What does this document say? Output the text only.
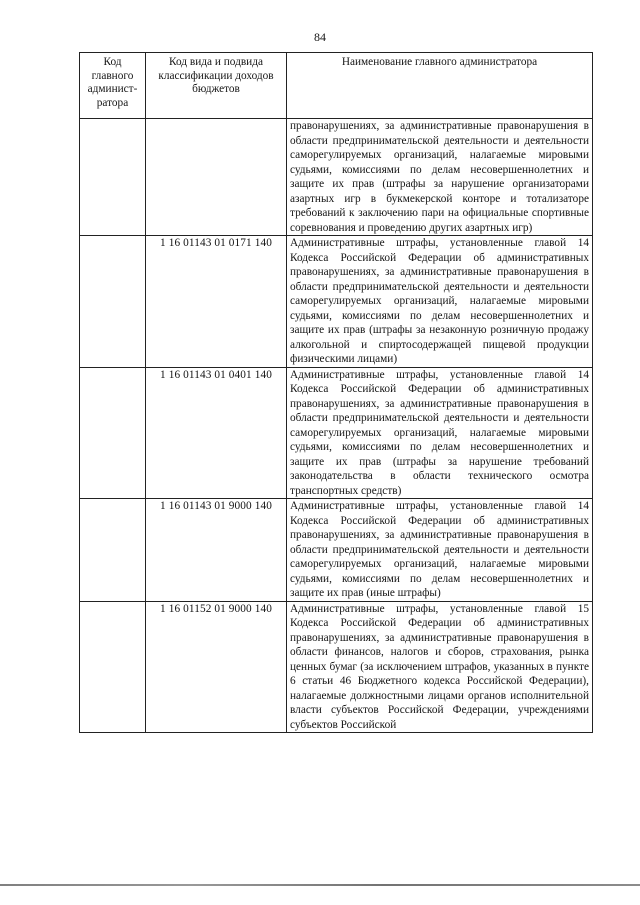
84
Код главного админист-ратора	Код вида и подвида классификации доходов бюджетов	Наименование главного администратора
		правонарушениях, за административные правонарушения в области предпринимательской деятельности и деятельности саморегулируемых организаций, налагаемые мировыми судьями, комиссиями по делам несовершеннолетних и защите их прав (штрафы за нарушение организаторами азартных игр в букмекерской конторе и тотализаторе требований к заключению пари на официальные спортивные соревнования и проведению других азартных игр)
	1 16 01143 01 0171 140	Административные штрафы, установленные главой 14 Кодекса Российской Федерации об административных правонарушениях, за административные правонарушения в области предпринимательской деятельности и деятельности саморегулируемых организаций, налагаемые мировыми судьями, комиссиями по делам несовершеннолетних и защите их прав (штрафы за незаконную розничную продажу алкогольной и спиртосодержащей пищевой продукции физическими лицами)
	1 16 01143 01 0401 140	Административные штрафы, установленные главой 14 Кодекса Российской Федерации об административных правонарушениях, за административные правонарушения в области предпринимательской деятельности и деятельности саморегулируемых организаций, налагаемые мировыми судьями, комиссиями по делам несовершеннолетних и защите их прав (штрафы за нарушение требований законодательства в области технического осмотра транспортных средств)
	1 16 01143 01 9000 140	Административные штрафы, установленные главой 14 Кодекса Российской Федерации об административных правонарушениях, за административные правонарушения в области предпринимательской деятельности и деятельности саморегулируемых организаций, налагаемые мировыми судьями, комиссиями по делам несовершеннолетних и защите их прав (иные штрафы)
	1 16 01152 01 9000 140	Административные штрафы, установленные главой 15 Кодекса Российской Федерации об административных правонарушениях, за административные правонарушения в области финансов, налогов и сборов, страхования, рынка ценных бумаг (за исключением штрафов, указанных в пункте 6 статьи 46 Бюджетного кодекса Российской Федерации), налагаемые должностными лицами органов исполнительной власти субъектов Российской Федерации, учреждениями субъектов Российской
